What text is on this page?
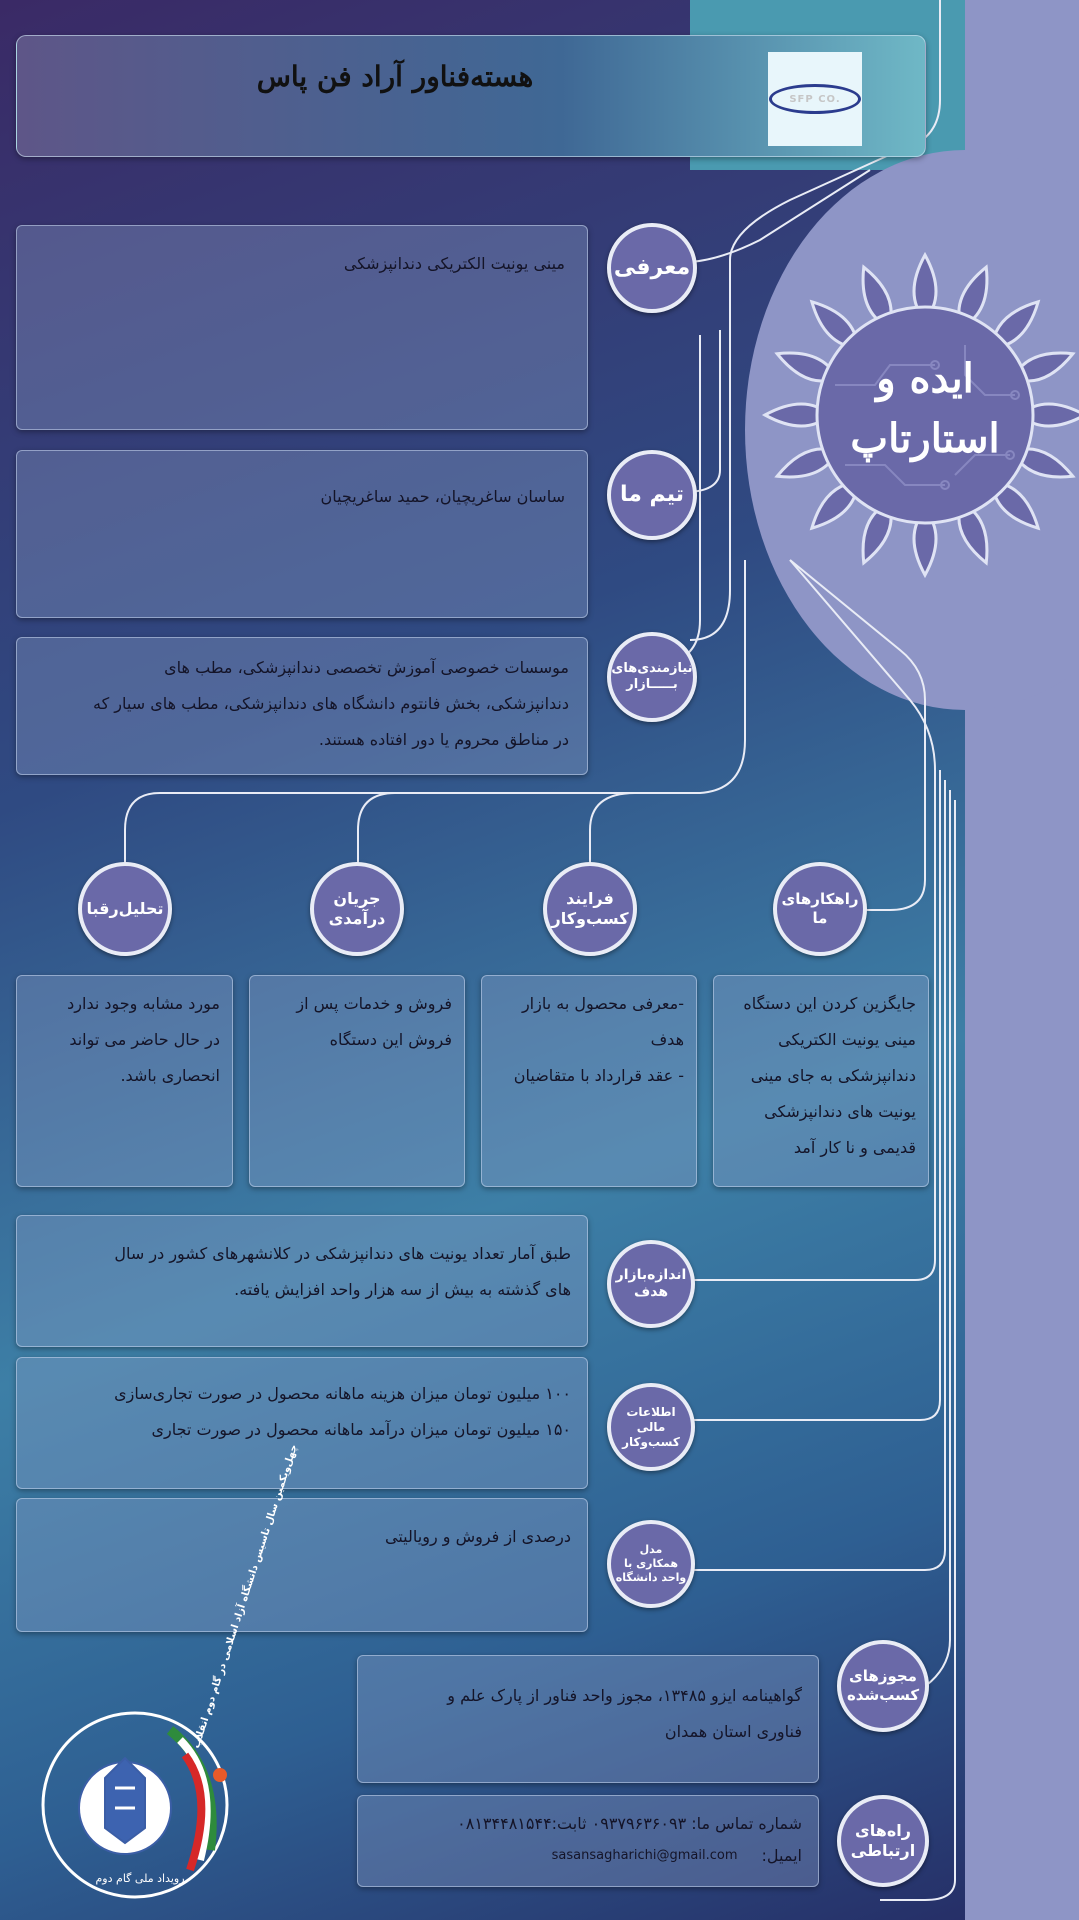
هسته‌فناور آراد فن پاس
SFP CO.
ایده و
استارتاپ
مینی یونیت الکتریکی دندانپزشکی معرفی
ساسان ساغریچیان، حمید ساغریچیان تیم ما
موسسات خصوصی آموزش تخصصی دندانپزشکی، مطب های
دندانپزشکی، بخش فانتوم دانشگاه های دندانپزشکی، مطب های سیار که
در مناطق محروم یا دور افتاده هستند.
نیازمندی‌های
بـــــازار
راهکارهای
ما
فرایند
کسب‌وکار
جریان
درآمدی
تحلیل‌رقبا
جایگزین کردن این دستگاه
مینی یونیت الکتریکی
دندانپزشکی به جای مینی
یونیت های دندانپزشکی
قدیمی و نا کار آمد
-معرفی محصول به بازار
هدف
- عقد قرارداد با متقاضیان
فروش و خدمات پس از
فروش این دستگاه
مورد مشابه وجود ندارد
در حال حاضر می تواند
انحصاری باشد.
طبق آمار تعداد یونیت های دندانپزشکی در کلانشهرهای کشور در سال
های گذشته به بیش از سه هزار واحد افزایش یافته.
اندازه‌بازار
هدف
۱۰۰ میلیون تومان میزان هزینه ماهانه محصول در صورت تجاری‌سازی
۱۵۰ میلیون تومان میزان درآمد ماهانه محصول در صورت تجاری
اطلاعات مالی
کسب‌وکار
درصدی از فروش و رویالیتی
مدل
همکاری با
واحد دانشگاه
گواهینامه ایزو ۱۳۴۸۵، مجوز واحد فناور از پارک علم و
فناوری استان همدان
مجوزهای
کسب‌شده
شماره تماس ما: ۰۹۳۷۹۶۳۶۰۹۳ ثابت:۰۸۱۳۴۴۸۱۵۴۴
ایمیل:
sasansagharichi@gmail.com
راه‌های
ارتباطی
چهل‌ویکمین سال تاسیس دانشگاه آزاد اسلامی در گام دوم انقلاب
رویداد ملی گام دوم
